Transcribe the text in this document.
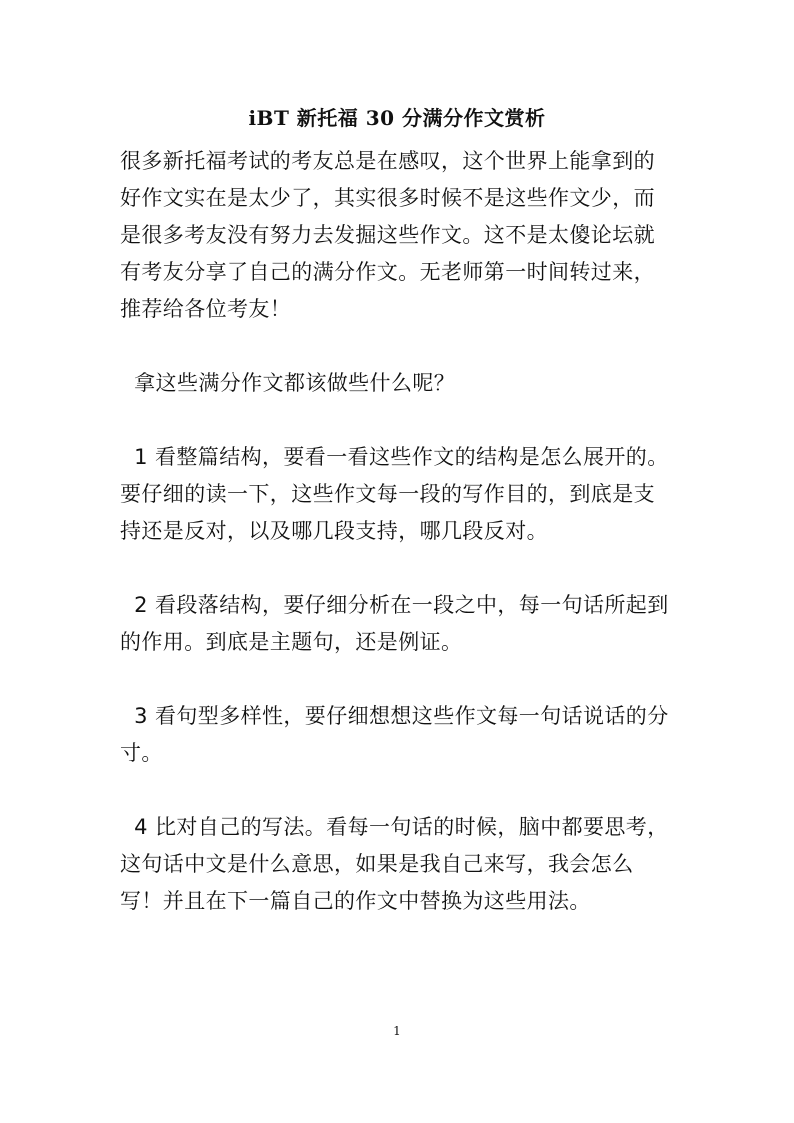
iBT 新托福 30 分满分作文赏析

很多新托福考试的考友总是在感叹，这个世界上能拿到的好作文实在是太少了，其实很多时候不是这些作文少，而是很多考友没有努力去发掘这些作文。这不是太傻论坛就有考友分享了自己的满分作文。无老师第一时间转过来，推荐给各位考友！

拿这些满分作文都该做些什么呢？

1 看整篇结构，要看一看这些作文的结构是怎么展开的。要仔细的读一下，这些作文每一段的写作目的，到底是支持还是反对，以及哪几段支持，哪几段反对。

2 看段落结构，要仔细分析在一段之中，每一句话所起到的作用。到底是主题句，还是例证。

3 看句型多样性，要仔细想想这些作文每一句话说话的分寸。

4 比对自己的写法。看每一句话的时候，脑中都要思考，这句话中文是什么意思，如果是我自己来写，我会怎么写！并且在下一篇自己的作文中替换为这些用法。

1
